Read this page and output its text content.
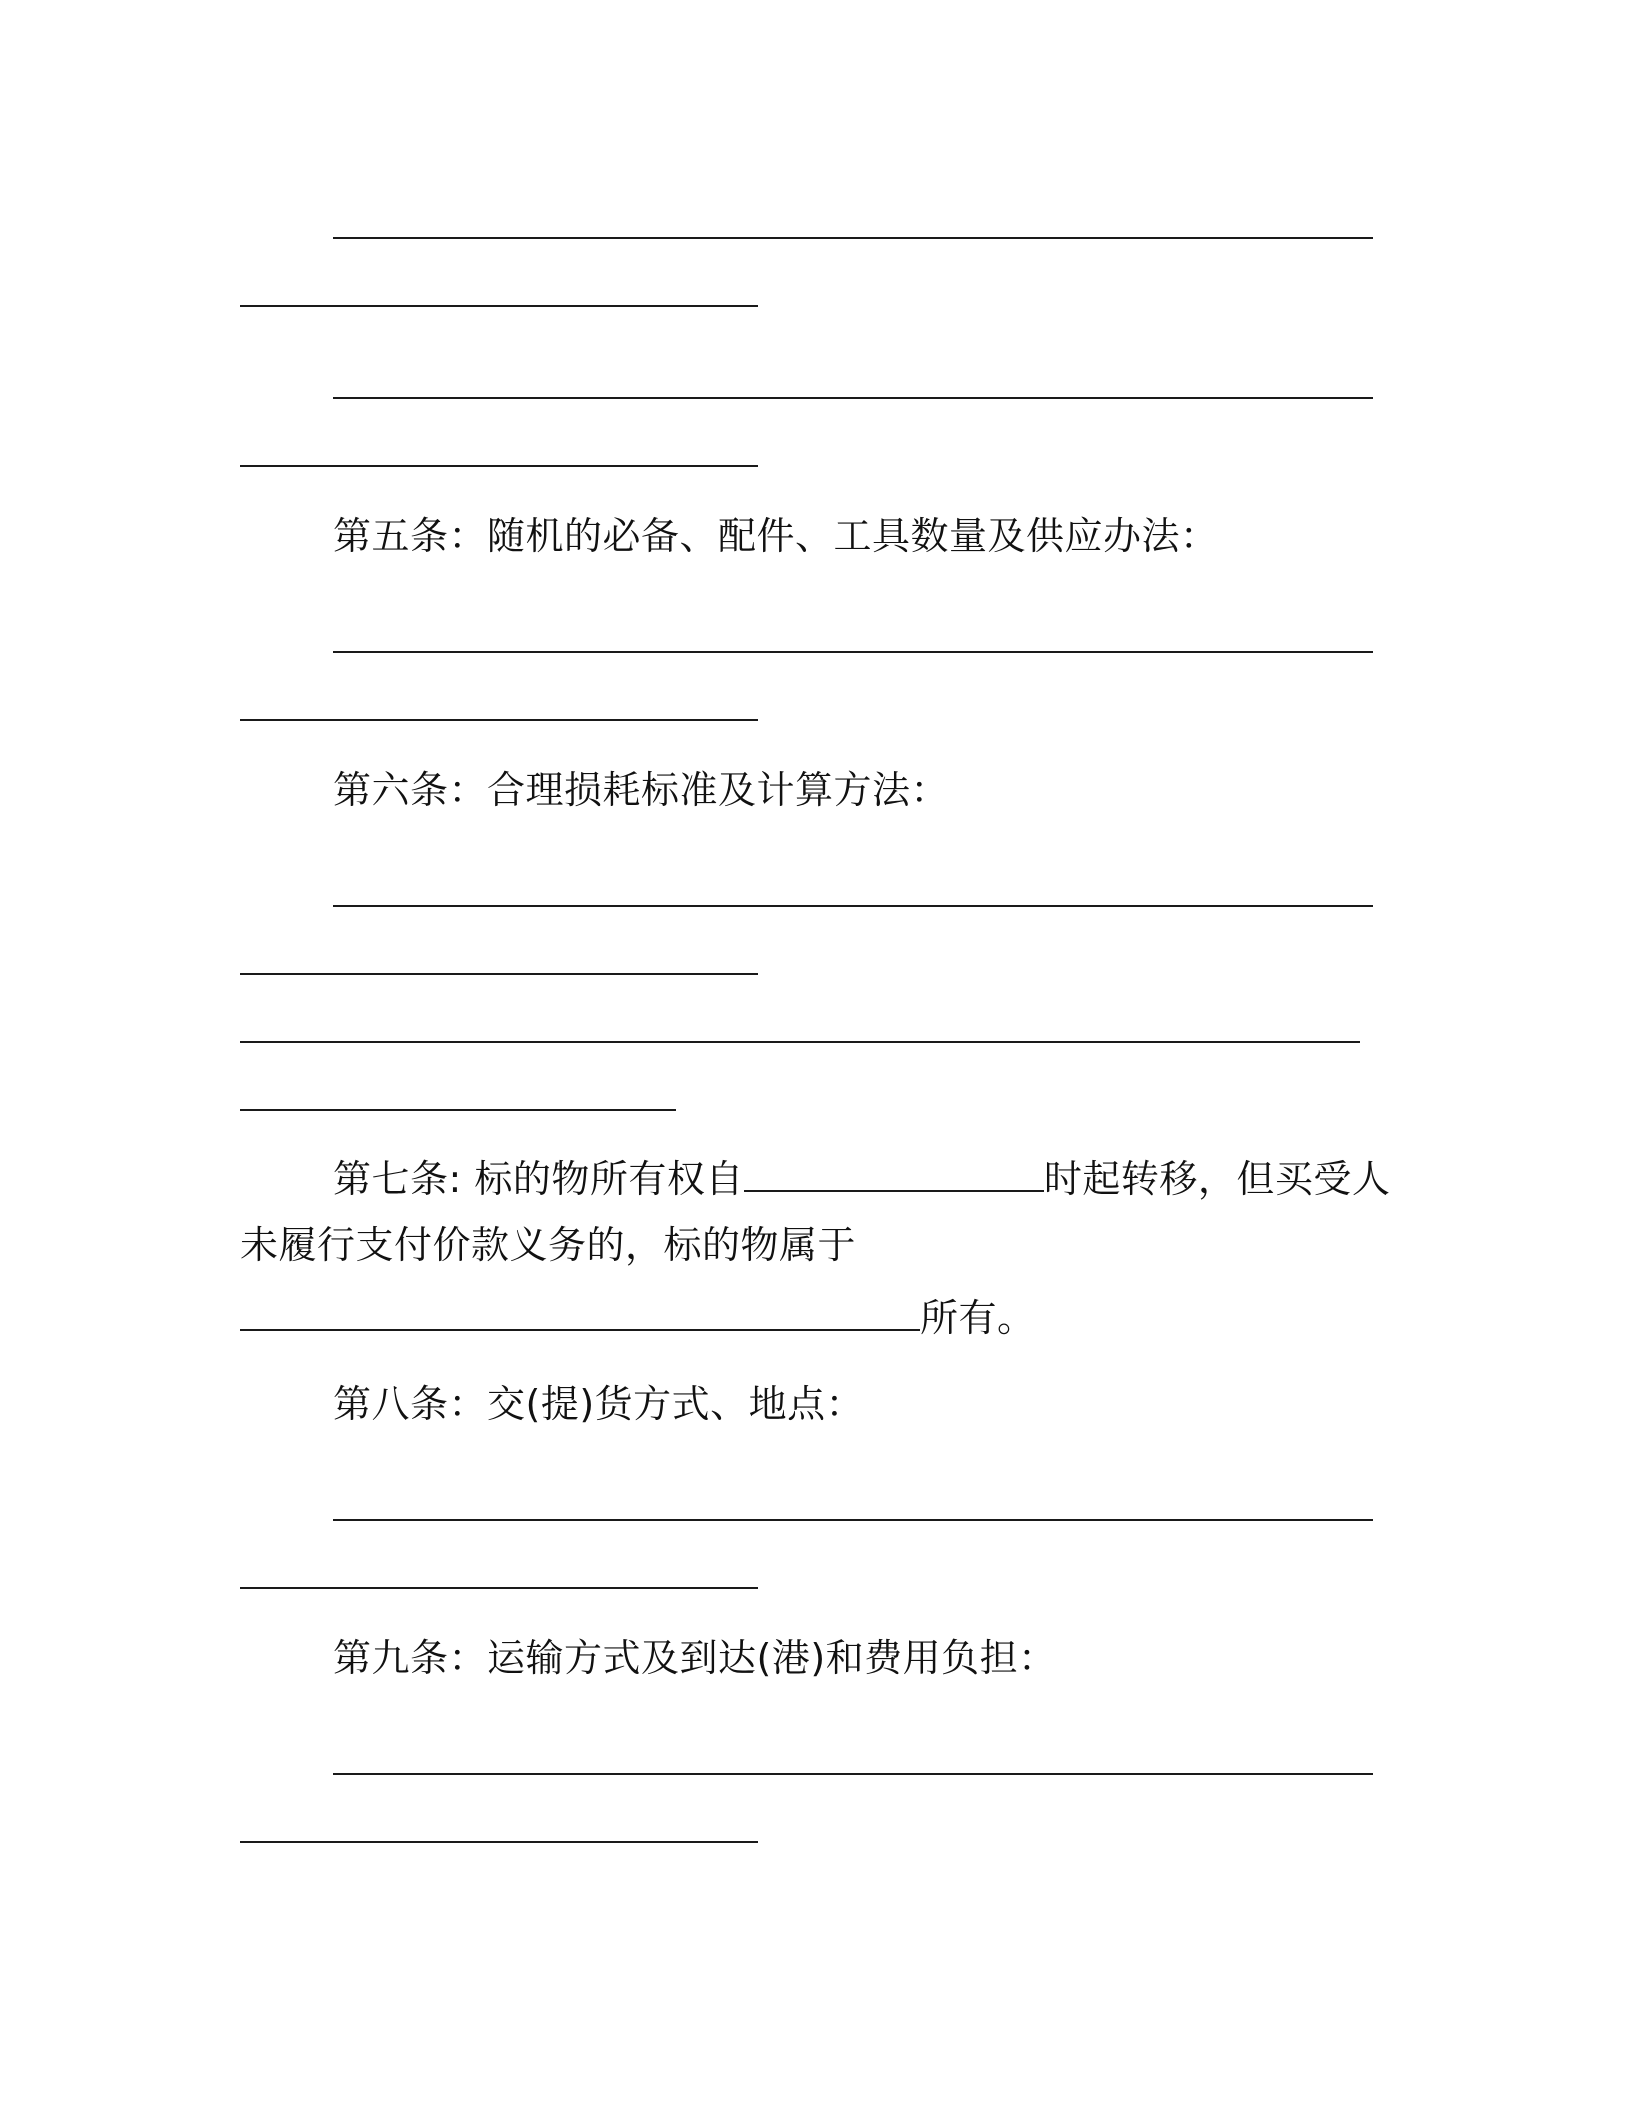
第五条：随机的必备、配件、工具数量及供应办法：
第六条：合理损耗标准及计算方法：
第七条: 标的物所有权自	时起转移，但买受人
未履行支付价款义务的，标的物属于
所有。
第八条：交(提)货方式、地点：
第九条：运输方式及到达(港)和费用负担：
